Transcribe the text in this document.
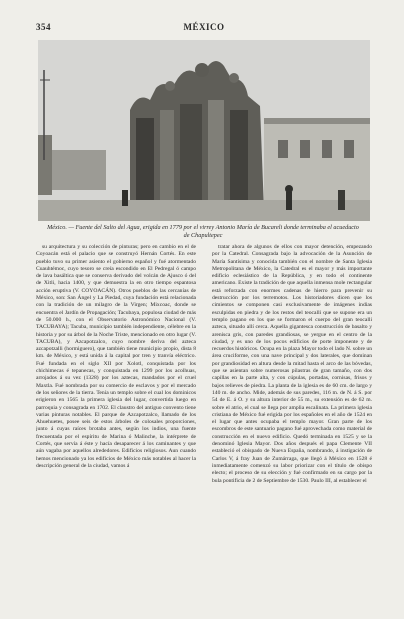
354	MÉXICO
México. — Fuente del Salto del Agua, erigida en 1779 por el virrey Antonio María de Bucareli donde terminaba el acueducto de Chapultepec

su arquitectura y su colección de pinturas; pero en cambio en el de Coyoacán está el palacio que se construyó Hernán Cortés. En este pueblo tuvo su primer asiento el gobierno español y fué atormentado Cuauhtémoc, cuyo tesoro se creía escondido en El Pedregal ó campo de lava basáltica que se conserva derivado del volcán de Ajusco ó del de Xitli, hacia 1400, y que demuestra la en otro tiempo espantosa acción eruptiva (V. COYOACÁN). Otros pueblos de las cercanías de México, son: San Ángel y La Piedad, cuya fundación está relacionada con la tradición de un milagro de la Virgen; Mixcoac, donde se encuentra el Jardín de Propagación; Tacubaya, populosa ciudad de más de 50.000 h., con el Observatorio Astronómico Nacional (V. TACUBAYA); Tacuba, municipio también independiente, célebre en la historia y por su árbol de la Noche Triste, mencionado en otro lugar (V. TACUBA), y Azcapotzalco, cuyo nombre deriva del azteca azcapotzalli (hormiguero), que también tiene municipio propio, dista 8 km. de México, y está unida á la capital por tren y tranvía eléctrico. Fué fundada en el siglo XII por Xolotl, conquistada por los chichimecas é tepanecas, y conquistada en 1299 por los acolhuas, arrojados á su vez (1328) por los aztecas, mandados por el cruel Maxtla. Fué nombrada por su comercio de esclavos y por el mercado de los señores de la tierra. Tenía un templo sobre el cual los dominicos erigieron en 1565 la primera iglesia del lugar, convertida luego en parroquia y consagrada en 1702. El claustro del antiguo convento tiene varias pinturas notables. El parque de Azcapotzalco, llamado de los Ahuehuetes, posee seis de estos árboles de colosales proporciones, junto á cuyas raíces brotaba antes, según los indios, una fuente frecuentada por el espíritu de Marina ó Malinche, la intérprete de Cortés, que servía á éste y hacía desaparecer á los caminantes y que aún vagaba por aquellos alrededores. Edificios religiosos. Aun cuando hemos mencionado ya los edificios de México más notables al hacer la descripción general de la ciudad, vamos á

tratar ahora de algunos de ellos con mayor detención, empezando por la Catedral. Consagrada bajo la advocación de la Asunción de María Santísima y conocida también con el nombre de Santa Iglesia Metropolitana de México, la Catedral es el mayor y más importante edificio eclesiástico de la República, y en todo el continente americano. Existe la tradición de que aquella inmensa mole rectangular está reforzada con enormes cadenas de hierro para prevenir su destrucción por los terremotos. Los historiadores dicen que los cimientos se componen casi exclusivamente de imágenes indias esculpidas en piedra y de los restos del teocalli que se supone era un templo pagano en los que se formaron el cuerpo del gran teocalli azteca, situado allí cerca. Aquella gigantesca construcción de basalto y arenisca gris, con paredes grandiosas, se yergue en el centro de la ciudad, y es uno de los pocos edificios de porte imponente y de recuerdos históricos. Ocupa en la plaza Mayor todo el lado N. sobre un área cruciforme, con una nave principal y dos laterales, que dominan por grandiosidad en altura desde la mitad hasta el arco de las bóvedas, que se asientan sobre numerosas pilastras de gran tamaño, con dos capillas en la parte alta, y con cúpulas, portadas, cornisas, frisos y bajos relieves de piedra. La planta de la iglesia es de 60 cm. de largo y 140 m. de ancho. Mide, además de sus paredes, 116 m. de N. á S. por 54 de E. á O. y su altura interior de 55 m., su extensión es de 62 m. sobre el atrio, el cual se llega por amplia escalinata. La primera iglesia cristiana de México fué erigida por los españoles en el año de 1524 en el lugar que antes ocupaba el templo mayor. Gran parte de los escombros de este santuario pagano fué aprovechada como material de construcción en el nuevo edificio. Quedó terminada en 1525 y se la denominó Iglesia Mayor. Dos años después el papa Clemente VII estableció el obispado de Nueva España, nombrando, á instigación de Carlos V, á fray Juan de Zumárraga, que llegó á México en 1528 é inmediatamente comenzó su labor priorizar con el título de obispo electo; el proceso de su elección y fué confirmado en su cargo por la bula pontificia de 2 de Septiembre de 1530. Paulo III, al establecer el
